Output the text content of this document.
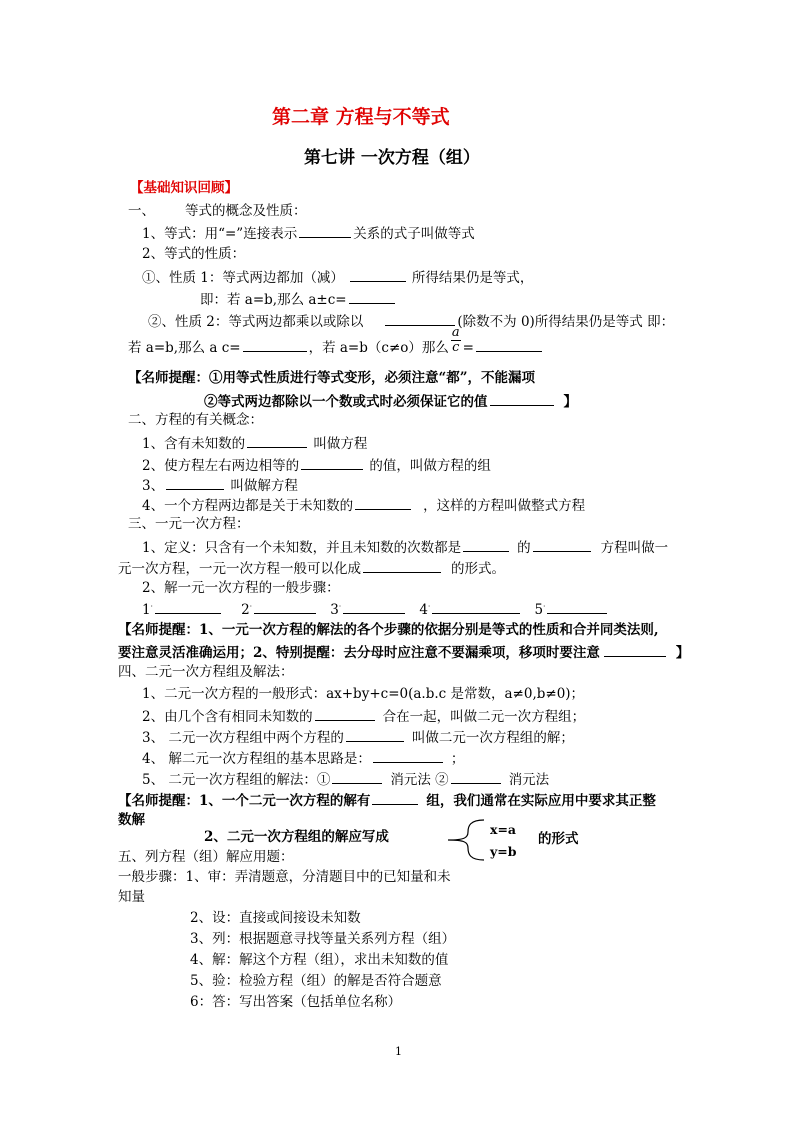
第二章 方程与不等式
第七讲 一次方程（组）
【基础知识回顾】
一、 等式的概念及性质：
1、等式：用“=”连接表示	关系的式子叫做等式
2、等式的性质：
①、性质 1：等式两边都加（减）	所得结果仍是等式，
即：若 a=b,那么 a±c=
②、性质 2：等式两边都乘以或除以	(除数不为 0)所得结果仍是等式 即：
若 a=b,那么 a c=	，若 a=b（c≠o）那么 $\frac{a}{c}$ =
【名师提醒：①用等式性质进行等式变形，必须注意“都”，不能漏项
②等式两边都除以一个数或式时必须保证它的值	】
二、方程的有关概念：
1、含有未知数的	叫做方程
2、使方程左右两边相等的	的值，叫做方程的组
3、	叫做解方程
4、一个方程两边都是关于未知数的	，这样的方程叫做整式方程
三、一元一次方程：
1、定义：只含有一个未知数，并且未知数的次数都是	的	方程叫做一
元一次方程，一元一次方程一般可以化成	的形式。
2、解一元一次方程的一般步骤：
1·	2·	3·	4·	5·
【名师提醒：1、一元一次方程的解法的各个步骤的依据分别是等式的性质和合并同类法则,
要注意灵活准确运用；2、特别提醒：去分母时应注意不要漏乘项，移项时要注意	】
四、二元一次方程组及解法：
1、二元一次方程的一般形式：ax+by+c=0(a.b.c 是常数，a≠0,b≠0)；
2、由几个含有相同未知数的	合在一起，叫做二元一次方程组；
3、 二元一次方程组中两个方程的	叫做二元一次方程组的解；
4、 解二元一次方程组的基本思路是：	；
5、 二元一次方程组的解法：①	消元法 ②	消元法
【名师提醒：1、一个二元一次方程的解有	组，我们通常在实际应用中要求其正整
数解
2、二元一次方程组的解应写成	x=a
y=b
的形式
五、列方程（组）解应用题：
一般步骤：1、审：弄清题意，分清题目中的已知量和未
知量
2、设：直接或间接设未知数
3、列：根据题意寻找等量关系列方程（组）
4、解：解这个方程（组），求出未知数的值
5、验：检验方程（组）的解是否符合题意
6：答：写出答案（包括单位名称）
1
